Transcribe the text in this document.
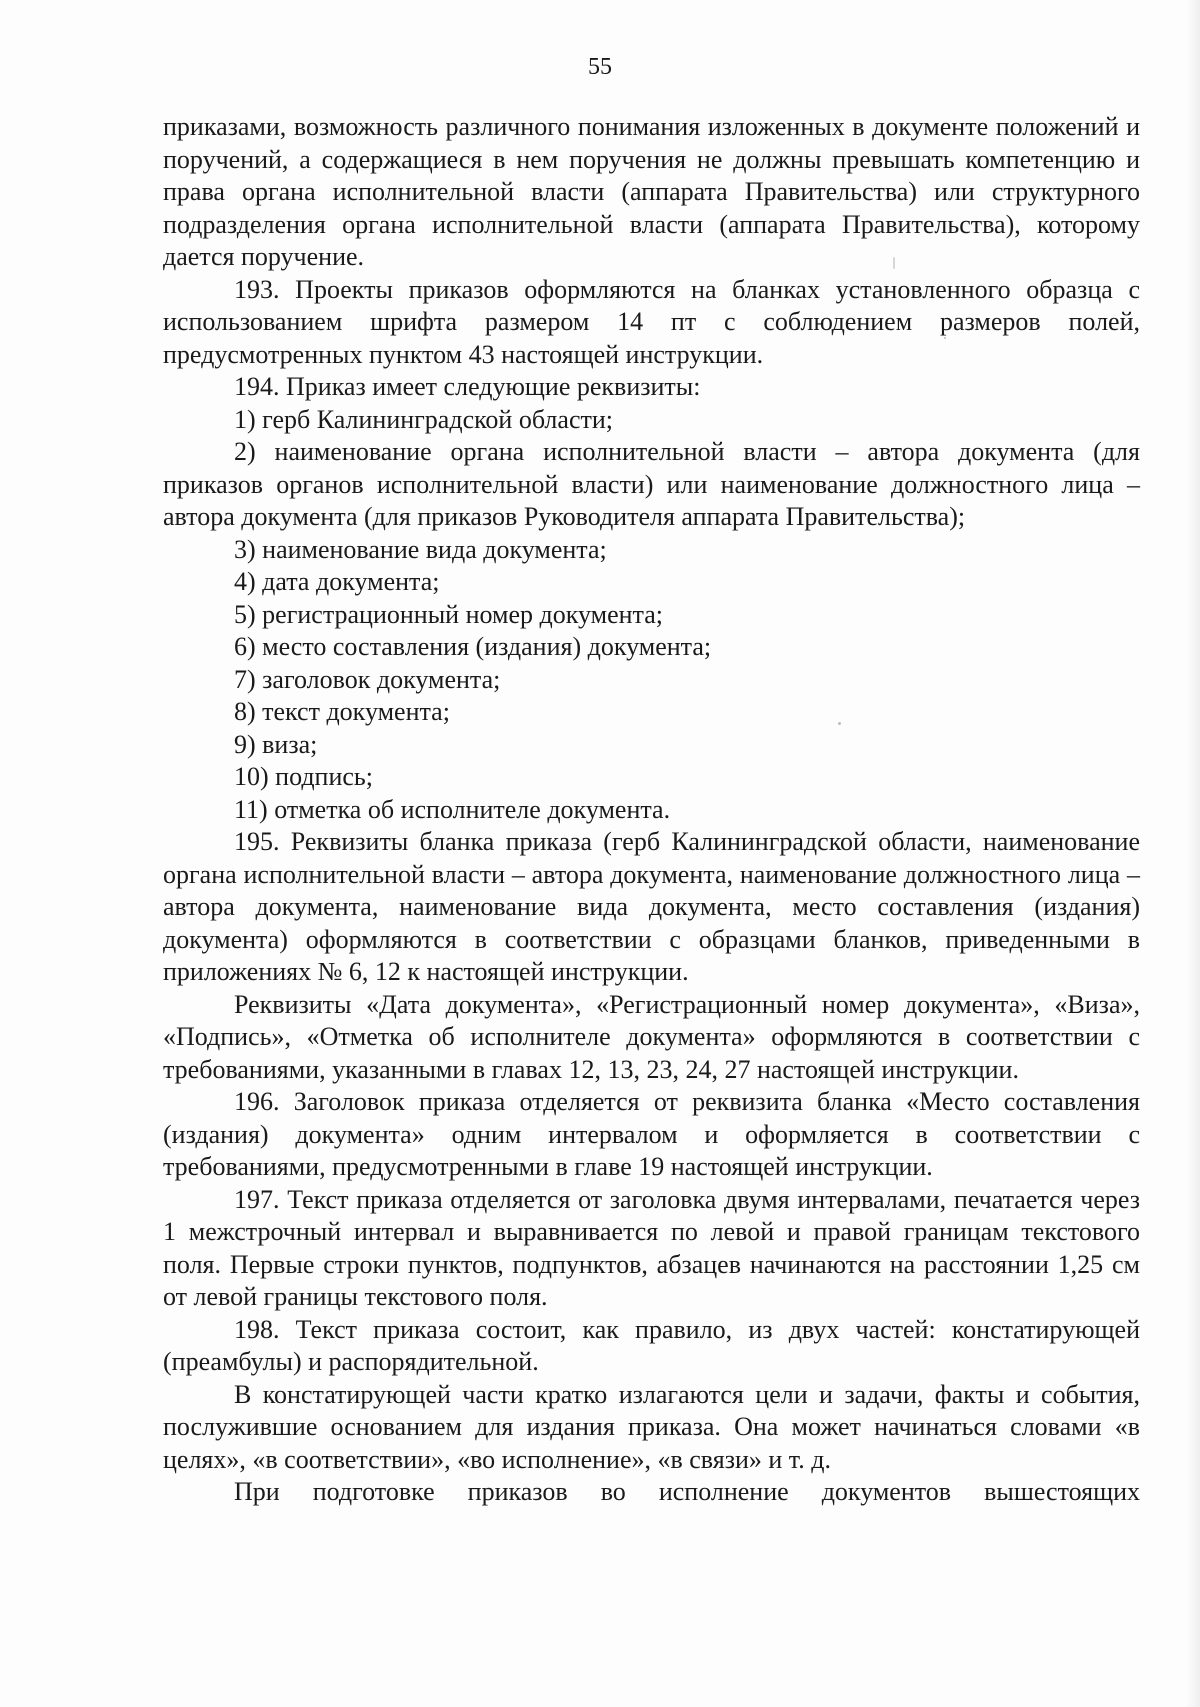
55

приказами, возможность различного понимания изложенных в документе положений и поручений, а содержащиеся в нем поручения не должны превышать компетенцию и права органа исполнительной власти (аппарата Правительства) или структурного подразделения органа исполнительной власти (аппарата Правительства), которому дается поручение.

193. Проекты приказов оформляются на бланках установленного образца с использованием шрифта размером 14 пт с соблюдением размеров полей, предусмотренных пунктом 43 настоящей инструкции.

194. Приказ имеет следующие реквизиты:

1) герб Калининградской области;

2) наименование органа исполнительной власти – автора документа (для приказов органов исполнительной власти) или наименование должностного лица – автора документа (для приказов Руководителя аппарата Правительства);

3) наименование вида документа;

4) дата документа;

5) регистрационный номер документа;

6) место составления (издания) документа;

7) заголовок документа;

8) текст документа;

9) виза;

10) подпись;

11) отметка об исполнителе документа.

195. Реквизиты бланка приказа (герб Калининградской области, наименование органа исполнительной власти – автора документа, наименование должностного лица – автора документа, наименование вида документа, место составления (издания) документа) оформляются в соответствии с образцами бланков, приведенными в приложениях № 6, 12 к настоящей инструкции.

Реквизиты «Дата документа», «Регистрационный номер документа», «Виза», «Подпись», «Отметка об исполнителе документа» оформляются в соответствии с требованиями, указанными в главах 12, 13, 23, 24, 27 настоящей инструкции.

196. Заголовок приказа отделяется от реквизита бланка «Место составления (издания) документа» одним интервалом и оформляется в соответствии с требованиями, предусмотренными в главе 19 настоящей инструкции.

197. Текст приказа отделяется от заголовка двумя интервалами, печатается через 1 межстрочный интервал и выравнивается по левой и правой границам текстового поля. Первые строки пунктов, подпунктов, абзацев начинаются на расстоянии 1,25 см от левой границы текстового поля.

198. Текст приказа состоит, как правило, из двух частей: констатирующей (преамбулы) и распорядительной.

В констатирующей части кратко излагаются цели и задачи, факты и события, послужившие основанием для издания приказа. Она может начинаться словами «в целях», «в соответствии», «во исполнение», «в связи» и т. д.

При подготовке приказов во исполнение документов вышестоящих
